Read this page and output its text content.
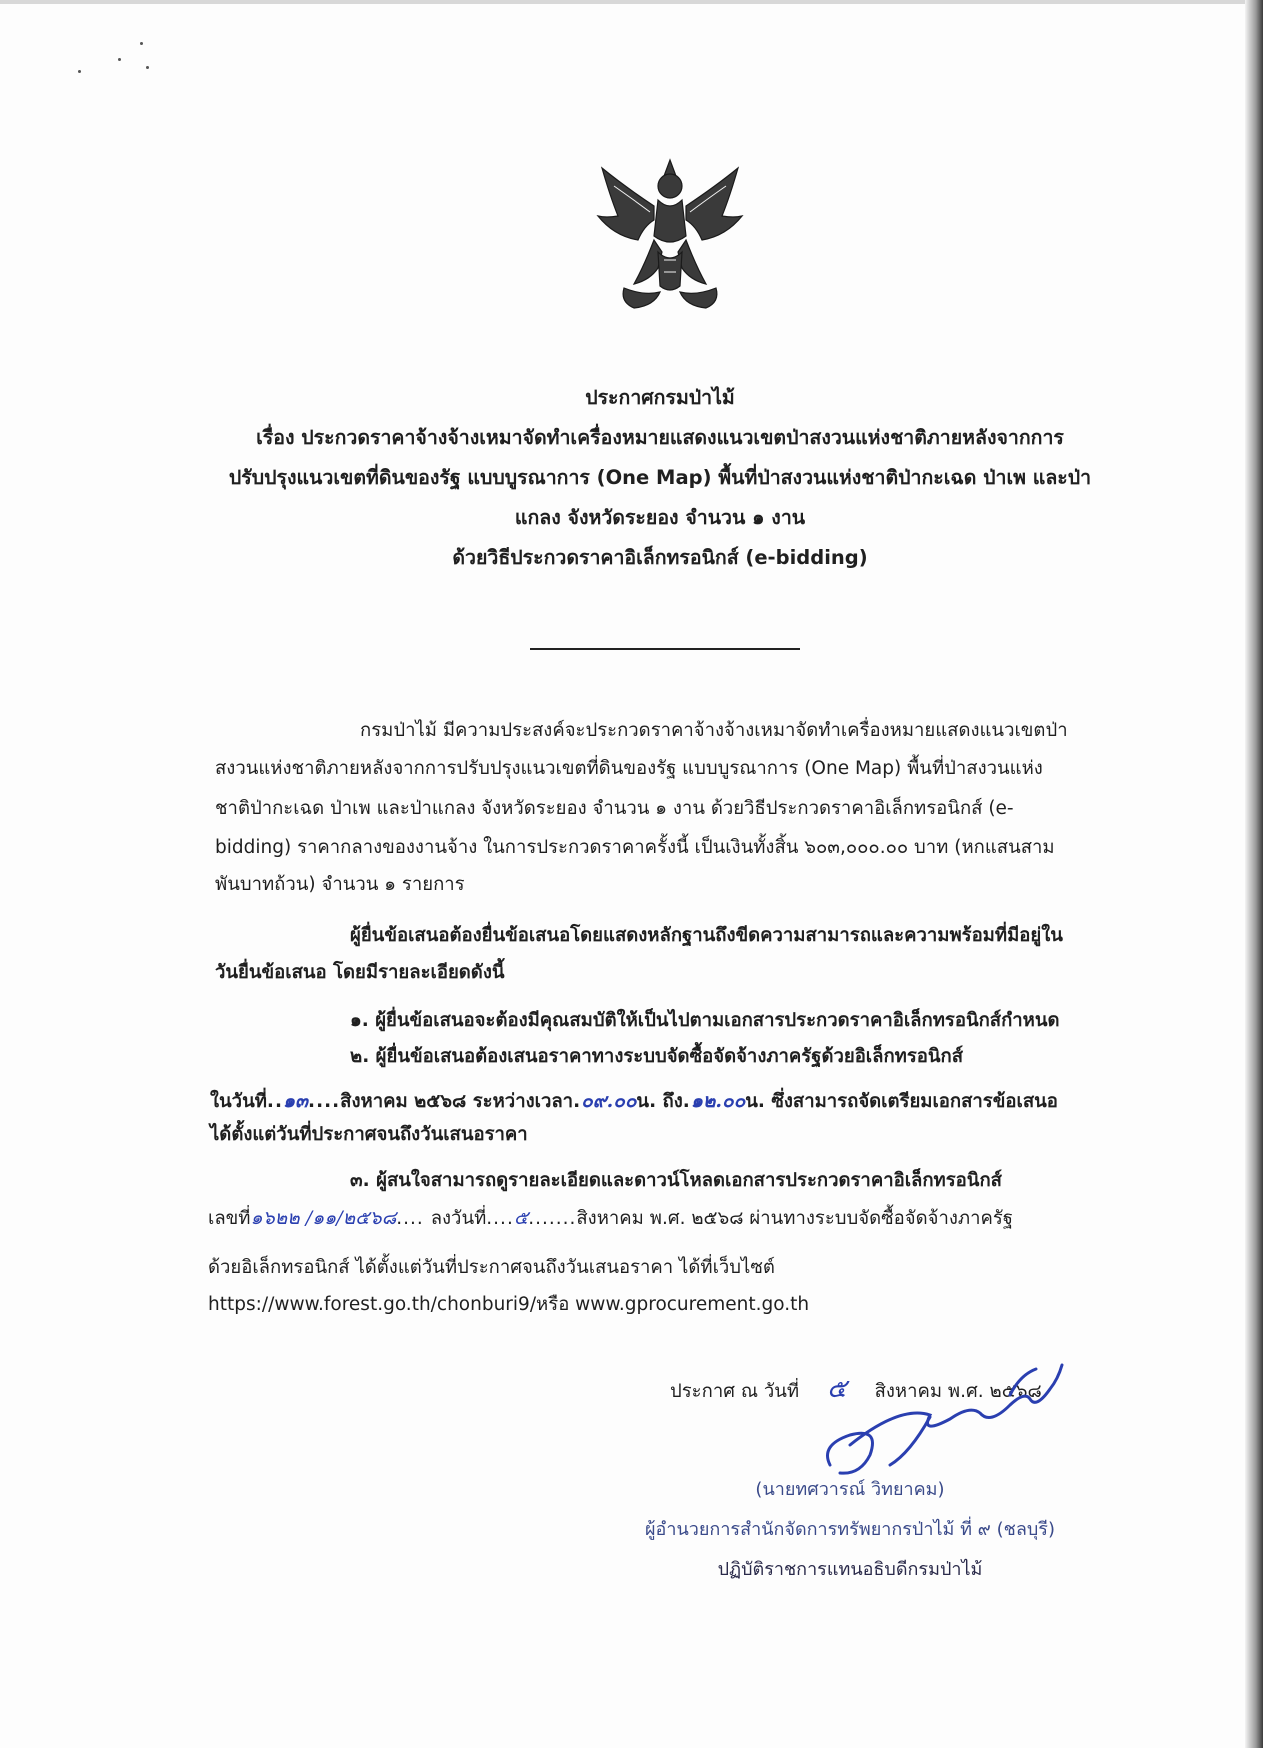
ประกาศกรมป่าไม้
เรื่อง ประกวดราคาจ้างจ้างเหมาจัดทำเครื่องหมายแสดงแนวเขตป่าสงวนแห่งชาติภายหลังจากการ
ปรับปรุงแนวเขตที่ดินของรัฐ แบบบูรณาการ (One Map) พื้นที่ป่าสงวนแห่งชาติป่ากะเฉด ป่าเพ และป่า
แกลง จังหวัดระยอง จำนวน ๑ งาน
ด้วยวิธีประกวดราคาอิเล็กทรอนิกส์ (e-bidding)
กรมป่าไม้ มีความประสงค์จะประกวดราคาจ้างจ้างเหมาจัดทำเครื่องหมายแสดงแนวเขตป่า
สงวนแห่งชาติภายหลังจากการปรับปรุงแนวเขตที่ดินของรัฐ แบบบูรณาการ (One Map) พื้นที่ป่าสงวนแห่ง
ชาติป่ากะเฉด ป่าเพ และป่าแกลง จังหวัดระยอง จำนวน ๑ งาน ด้วยวิธีประกวดราคาอิเล็กทรอนิกส์ (e-
bidding) ราคากลางของงานจ้าง ในการประกวดราคาครั้งนี้ เป็นเงินทั้งสิ้น ๖๐๓,๐๐๐.๐๐ บาท (หกแสนสาม
พันบาทถ้วน) จำนวน ๑ รายการ
ผู้ยื่นข้อเสนอต้องยื่นข้อเสนอโดยแสดงหลักฐานถึงขีดความสามารถและความพร้อมที่มีอยู่ใน
วันยื่นข้อเสนอ โดยมีรายละเอียดดังนี้
๑. ผู้ยื่นข้อเสนอจะต้องมีคุณสมบัติให้เป็นไปตามเอกสารประกวดราคาอิเล็กทรอนิกส์กำหนด
๒. ผู้ยื่นข้อเสนอต้องเสนอราคาทางระบบจัดซื้อจัดจ้างภาครัฐด้วยอิเล็กทรอนิกส์
ในวันที่..๑๓....สิงหาคม ๒๕๖๘ ระหว่างเวลา.๐๙.๐๐น. ถึง.๑๒.๐๐น. ซึ่งสามารถจัดเตรียมเอกสารข้อเสนอ
ได้ตั้งแต่วันที่ประกาศจนถึงวันเสนอราคา
๓. ผู้สนใจสามารถดูรายละเอียดและดาวน์โหลดเอกสารประกวดราคาอิเล็กทรอนิกส์
เลขที่๑๖๒๒ /๑๑/๒๕๖๘.... ลงวันที่....๕.......สิงหาคม พ.ศ. ๒๕๖๘ ผ่านทางระบบจัดซื้อจัดจ้างภาครัฐ
ด้วยอิเล็กทรอนิกส์ ได้ตั้งแต่วันที่ประกาศจนถึงวันเสนอราคา ได้ที่เว็บไซต์
https://www.forest.go.th/chonburi9/หรือ www.gprocurement.go.th
ประกาศ ณ วันที่ ๕ สิงหาคม พ.ศ. ๒๕๖๘
(นายทศวารณ์ วิทยาคม)
ผู้อำนวยการสำนักจัดการทรัพยากรป่าไม้ ที่ ๙ (ชลบุรี)
ปฏิบัติราชการแทนอธิบดีกรมป่าไม้
